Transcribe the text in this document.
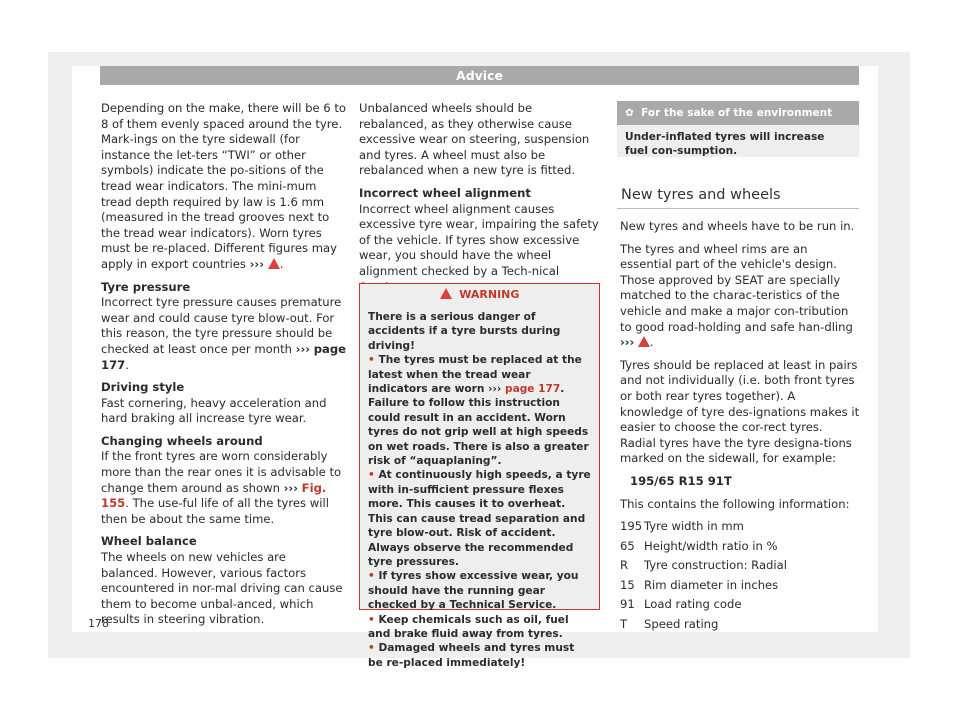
Advice

Depending on the make, there will be 6 to 8 of them evenly spaced around the tyre. Mark-ings on the tyre sidewall (for instance the let-ters “TWI” or other symbols) indicate the po-sitions of the tread wear indicators. The mini-mum tread depth required by law is 1.6 mm (measured in the tread grooves next to the tread wear indicators). Worn tyres must be re-placed. Different figures may apply in export countries ››› .

Tyre pressure

Incorrect tyre pressure causes premature wear and could cause tyre blow-out. For this reason, the tyre pressure should be checked at least once per month ››› page 177.

Driving style

Fast cornering, heavy acceleration and hard braking all increase tyre wear.

Changing wheels around

If the front tyres are worn considerably more than the rear ones it is advisable to change them around as shown ››› Fig. 155. The use-ful life of all the tyres will then be about the same time.

Wheel balance

The wheels on new vehicles are balanced. However, various factors encountered in nor-mal driving can cause them to become unbal-anced, which results in steering vibration.

Unbalanced wheels should be rebalanced, as they otherwise cause excessive wear on steering, suspension and tyres. A wheel must also be rebalanced when a new tyre is fitted.

Incorrect wheel alignment

Incorrect wheel alignment causes excessive tyre wear, impairing the safety of the vehicle. If tyres show excessive wear, you should have the wheel alignment checked by a Tech-nical

WARNING

There is a serious danger of accidents if a tyre bursts during driving!

• The tyres must be replaced at the latest when the tread wear indicators are worn ››› page 177. Failure to follow this instruction could result in an accident. Worn tyres do not grip well at high speeds on wet roads. There is also a greater risk of “aquaplaning”.

• At continuously high speeds, a tyre with in-sufficient pressure flexes more. This causes it to overheat. This can cause tread separation and tyre blow-out. Risk of accident. Always observe the recommended tyre pressures.

• If tyres show excessive wear, you should have the running gear checked by a Technical Service.

• Keep chemicals such as oil, fuel and brake fluid away from tyres.

• Damaged wheels and tyres must be re-placed immediately!

✿ For the sake of the environment
Under-inflated tyres will increase fuel con-sumption.
New tyres and wheels

New tyres and wheels have to be run in.

The tyres and wheel rims are an essential part of the vehicle's design. Those approved by SEAT are specially matched to the charac-teristics of the vehicle and make a major con-tribution to good road-holding and safe han-dling ››› .

Tyres should be replaced at least in pairs and not individually (i.e. both front tyres or both rear tyres together). A knowledge of tyre des-ignations makes it easier to choose the cor-rect tyres. Radial tyres have the tyre designa-tions marked on the sidewall, for example:

195/65 R15 91T

This contains the following information:

195 Tyre width in mm
65 Height/width ratio in %
R	Tyre construction: Radial
15 Rim diameter in inches
91 Load rating code
T	Speed rating
178
